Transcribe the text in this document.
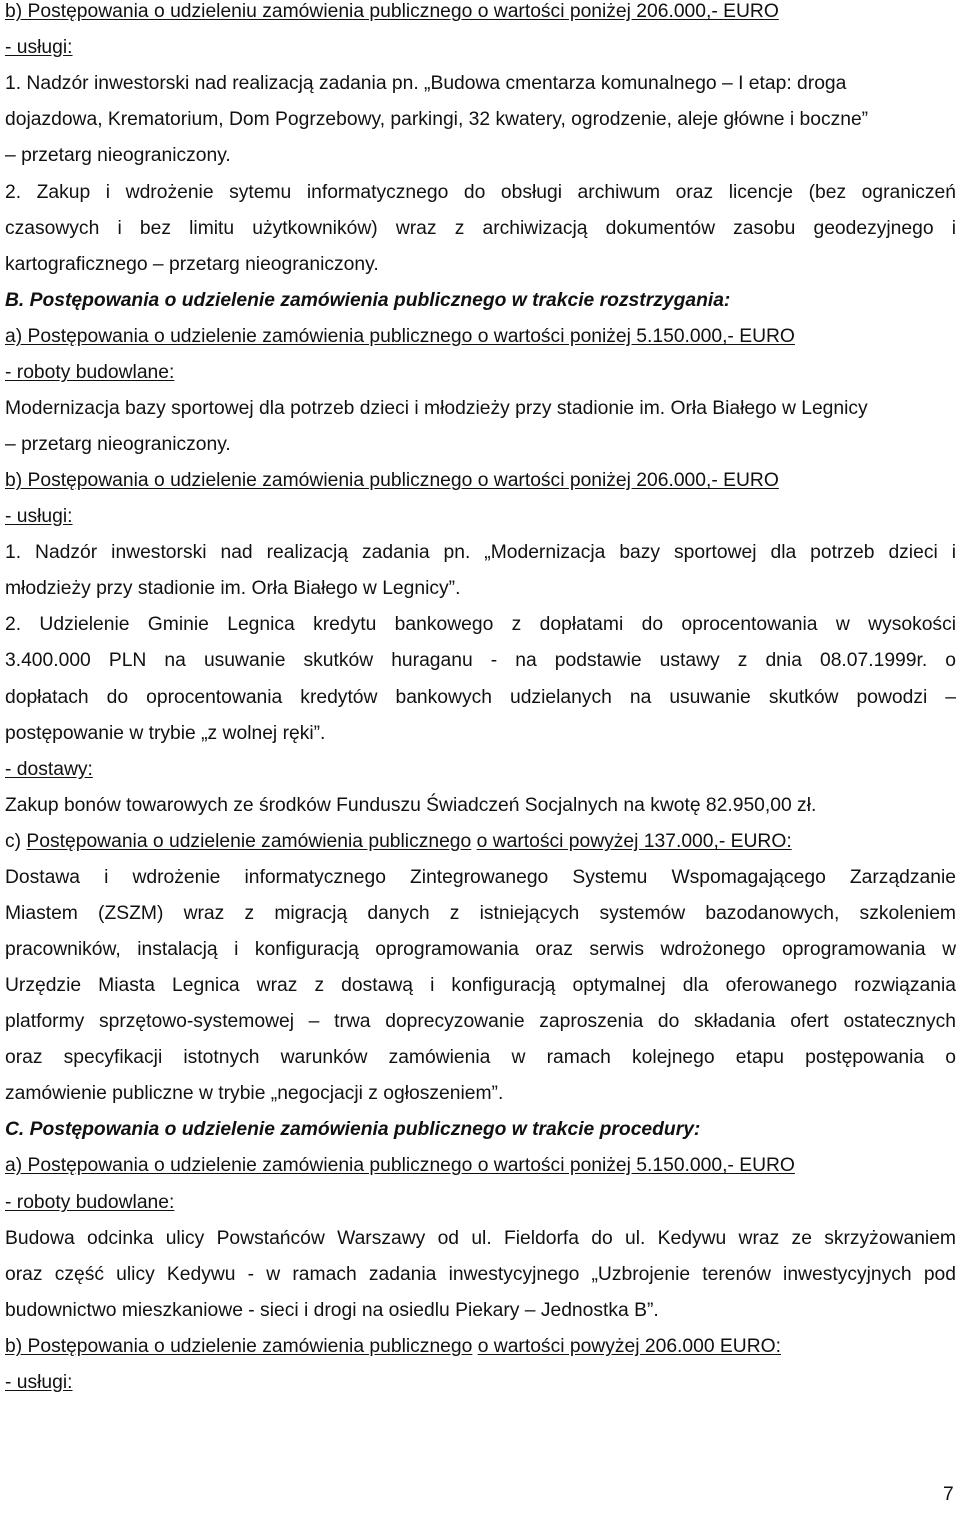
b) Postępowania o udzieleniu zamówienia publicznego o wartości poniżej 206.000,- EURO
- usługi:
1. Nadzór inwestorski nad realizacją zadania pn. „Budowa cmentarza komunalnego – I etap: droga
dojazdowa, Krematorium, Dom Pogrzebowy, parkingi, 32 kwatery, ogrodzenie, aleje główne i boczne”
– przetarg nieograniczony.
2. Zakup i wdrożenie sytemu informatycznego do obsługi archiwum oraz licencje (bez ograniczeń
czasowych i bez limitu użytkowników) wraz z archiwizacją dokumentów zasobu geodezyjnego i
kartograficznego – przetarg nieograniczony.
B. Postępowania o udzielenie zamówienia publicznego w trakcie rozstrzygania:
a) Postępowania o udzielenie zamówienia publicznego o wartości poniżej 5.150.000,- EURO
- roboty budowlane:
Modernizacja bazy sportowej dla potrzeb dzieci i młodzieży przy stadionie im. Orła Białego w Legnicy
– przetarg nieograniczony.
b) Postępowania o udzielenie zamówienia publicznego o wartości poniżej 206.000,- EURO
- usługi:
1. Nadzór inwestorski nad realizacją zadania pn. „Modernizacja bazy sportowej dla potrzeb dzieci i
młodzieży przy stadionie im. Orła Białego w Legnicy”.
2. Udzielenie Gminie Legnica kredytu bankowego z dopłatami do oprocentowania w wysokości
3.400.000 PLN na usuwanie skutków huraganu - na podstawie ustawy z dnia 08.07.1999r. o
dopłatach do oprocentowania kredytów bankowych udzielanych na usuwanie skutków powodzi –
postępowanie w trybie „z wolnej ręki”.
- dostawy:
Zakup bonów towarowych ze środków Funduszu Świadczeń Socjalnych na kwotę 82.950,00 zł.
c) Postępowania o udzielenie zamówienia publicznego o wartości powyżej 137.000,- EURO:
Dostawa i wdrożenie informatycznego Zintegrowanego Systemu Wspomagającego Zarządzanie
Miastem (ZSZM) wraz z migracją danych z istniejących systemów bazodanowych, szkoleniem
pracowników, instalacją i konfiguracją oprogramowania oraz serwis wdrożonego oprogramowania w
Urzędzie Miasta Legnica wraz z dostawą i konfiguracją optymalnej dla oferowanego rozwiązania
platformy sprzętowo-systemowej – trwa doprecyzowanie zaproszenia do składania ofert ostatecznych
oraz specyfikacji istotnych warunków zamówienia w ramach kolejnego etapu postępowania o
zamówienie publiczne w trybie „negocjacji z ogłoszeniem”.
C. Postępowania o udzielenie zamówienia publicznego w trakcie procedury:
a) Postępowania o udzielenie zamówienia publicznego o wartości poniżej 5.150.000,- EURO
- roboty budowlane:
Budowa odcinka ulicy Powstańców Warszawy od ul. Fieldorfa do ul. Kedywu wraz ze skrzyżowaniem
oraz część ulicy Kedywu - w ramach zadania inwestycyjnego „Uzbrojenie terenów inwestycyjnych pod
budownictwo mieszkaniowe - sieci i drogi na osiedlu Piekary – Jednostka B”.
b) Postępowania o udzielenie zamówienia publicznego o wartości powyżej 206.000 EURO:
- usługi:
7
